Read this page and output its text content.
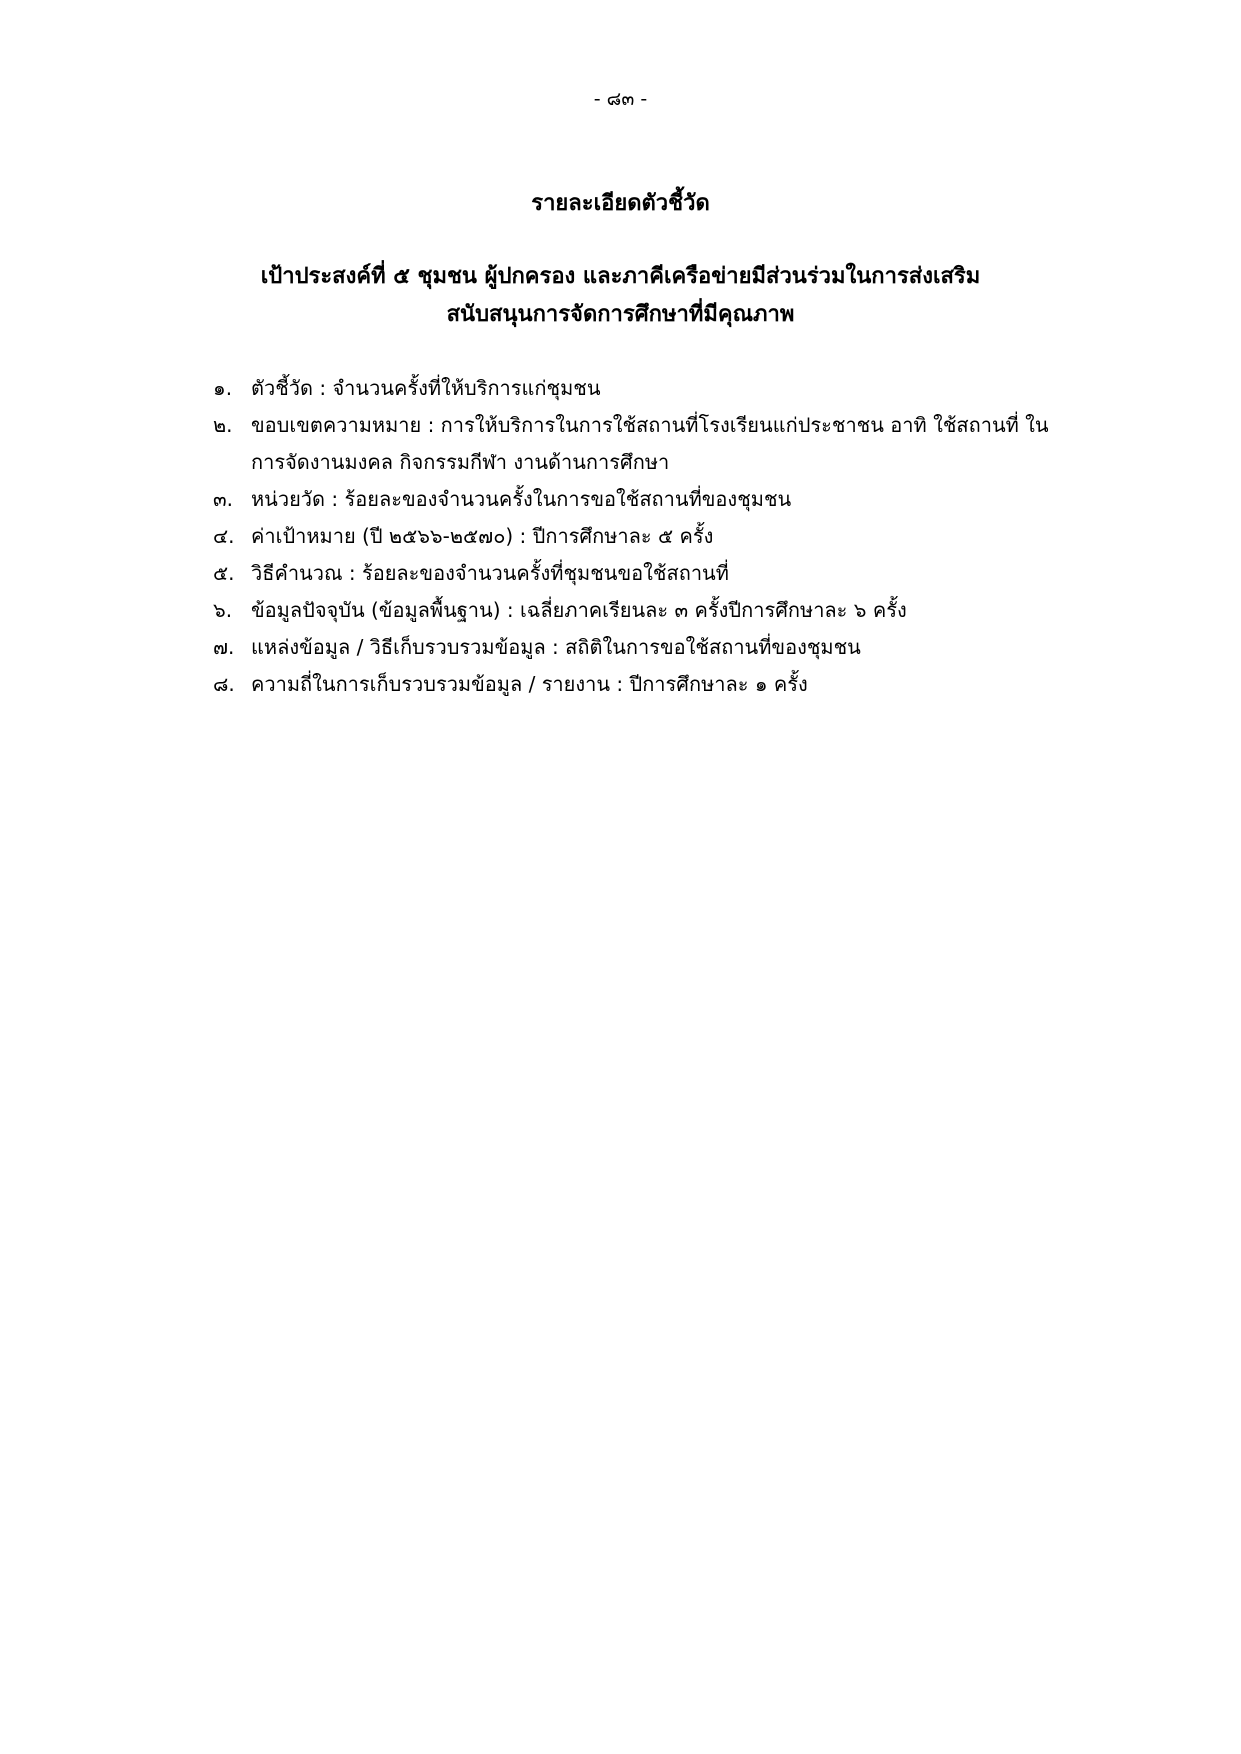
- ๘๓ -
รายละเอียดตัวชี้วัด
เป้าประสงค์ที่ ๕ ชุมชน ผู้ปกครอง และภาคีเครือข่ายมีส่วนร่วมในการส่งเสริม
สนับสนุนการจัดการศึกษาที่มีคุณภาพ
๑. ตัวชี้วัด : จำนวนครั้งที่ให้บริการแก่ชุมชน
๒. ขอบเขตความหมาย : การให้บริการในการใช้สถานที่โรงเรียนแก่ประชาชน อาทิ ใช้สถานที่ ในการจัดงานมงคล กิจกรรมกีฬา งานด้านการศึกษา
๓. หน่วยวัด : ร้อยละของจำนวนครั้งในการขอใช้สถานที่ของชุมชน
๔. ค่าเป้าหมาย (ปี ๒๕๖๖-๒๕๗๐) : ปีการศึกษาละ ๕ ครั้ง
๕. วิธีคำนวณ : ร้อยละของจำนวนครั้งที่ชุมชนขอใช้สถานที่
๖. ข้อมูลปัจจุบัน (ข้อมูลพื้นฐาน) : เฉลี่ยภาคเรียนละ ๓ ครั้งปีการศึกษาละ ๖ ครั้ง
๗. แหล่งข้อมูล / วิธีเก็บรวบรวมข้อมูล : สถิติในการขอใช้สถานที่ของชุมชน
๘. ความถี่ในการเก็บรวบรวมข้อมูล / รายงาน : ปีการศึกษาละ ๑ ครั้ง
